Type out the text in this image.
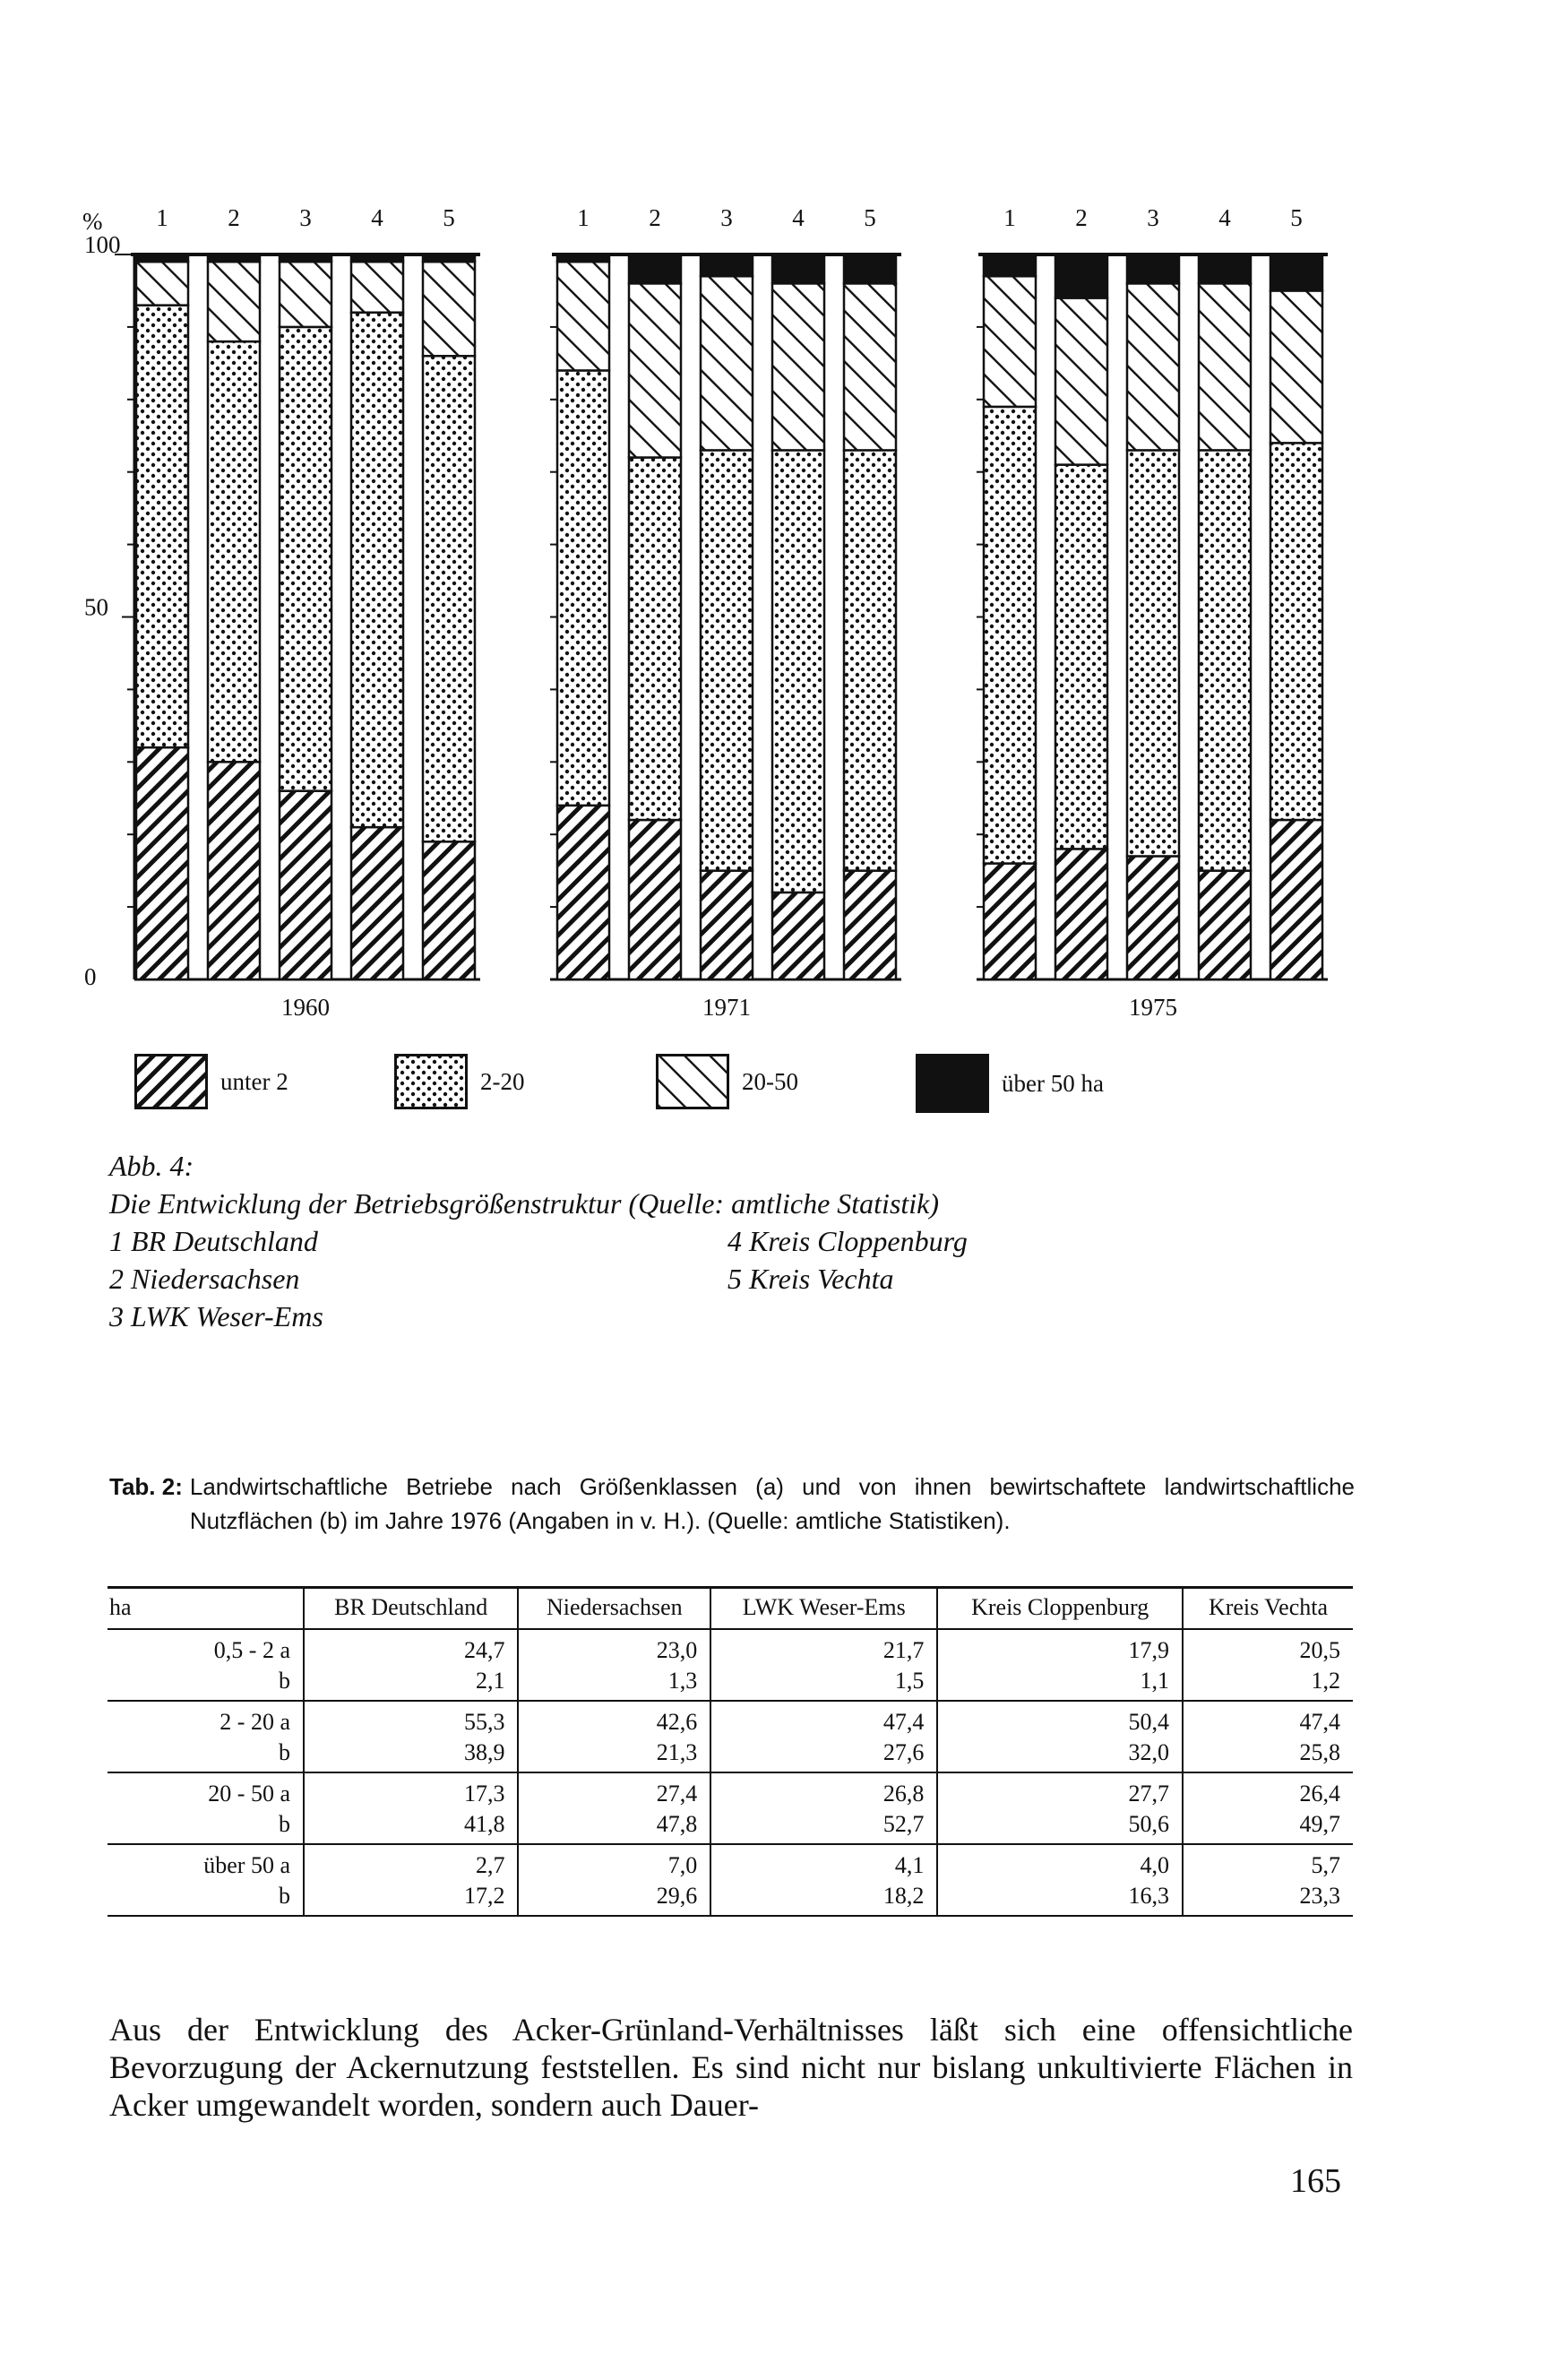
100
50
0
% 1 2 3 4 5
1960
1 2 3 4 5
1971
1 2 3 4 5
1975
unter 2	2-20	20-50	über 50 ha
Abb. 4:
Die Entwicklung der Betriebsgrößenstruktur (Quelle: amtliche Statistik)
1 BR Deutschland	4 Kreis Cloppenburg
2 Niedersachsen	5 Kreis Vechta
3 LWK Weser-Ems
Tab. 2: Landwirtschaftliche Betriebe nach Größenklassen (a) und von ihnen bewirtschaftete landwirtschaftliche Nutzflächen (b) im Jahre 1976 (Angaben in v. H.). (Quelle: amtliche Statistiken).
ha	BR Deutschland	Niedersachsen	LWK Weser-Ems	Kreis Cloppenburg	Kreis Vechta
0,5 - 2 a	24,7	23,0	21,7	17,9	20,5
b	2,1	1,3	1,5	1,1	1,2
2 - 20 a	55,3	42,6	47,4	50,4	47,4
b	38,9	21,3	27,6	32,0	25,8
20 - 50 a	17,3	27,4	26,8	27,7	26,4
b	41,8	47,8	52,7	50,6	49,7
über 50 a	2,7	7,0	4,1	4,0	5,7
b	17,2	29,6	18,2	16,3	23,3
Aus der Entwicklung des Acker-Grünland-Verhältnisses läßt sich eine offensichtliche Bevorzugung der Ackernutzung feststellen. Es sind nicht nur bislang unkultivierte Flächen in Acker umgewandelt worden, sondern auch Dauer-
165
